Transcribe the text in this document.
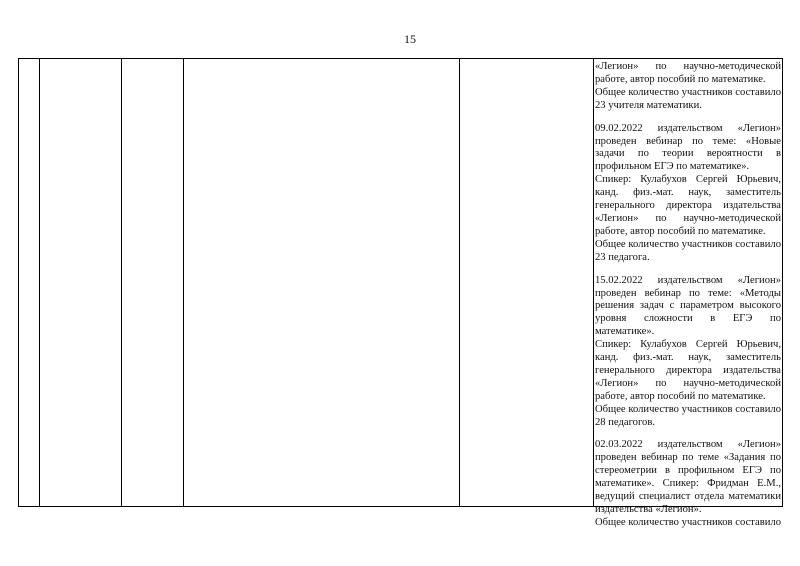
15
«Легион» по научно-методической
работе, автор пособий по математике.
Общее количество участников составило
23 учителя математики.
09.02.2022 издательством «Легион»
проведен вебинар по теме: «Новые
задачи по теории вероятности в
профильном ЕГЭ по математике».
Спикер: Кулабухов Сергей Юрьевич,
канд. физ.-мат. наук, заместитель
генерального директора издательства
«Легион» по научно-методической
работе, автор пособий по математике.
Общее количество участников составило
23 педагога.
15.02.2022 издательством «Легион»
проведен вебинар по теме: «Методы
решения задач с параметром высокого
уровня сложности в ЕГЭ по
математике».
Спикер: Кулабухов Сергей Юрьевич,
канд. физ.-мат. наук, заместитель
генерального директора издательства
«Легион» по научно-методической
работе, автор пособий по математике.
Общее количество участников составило
28 педагогов.
02.03.2022 издательством «Легион»
проведен вебинар по теме «Задания по
стереометрии в профильном ЕГЭ по
математике». Спикер: Фридман Е.М.,
ведущий специалист отдела математики
издательства «Легион».
Общее количество участников составило
